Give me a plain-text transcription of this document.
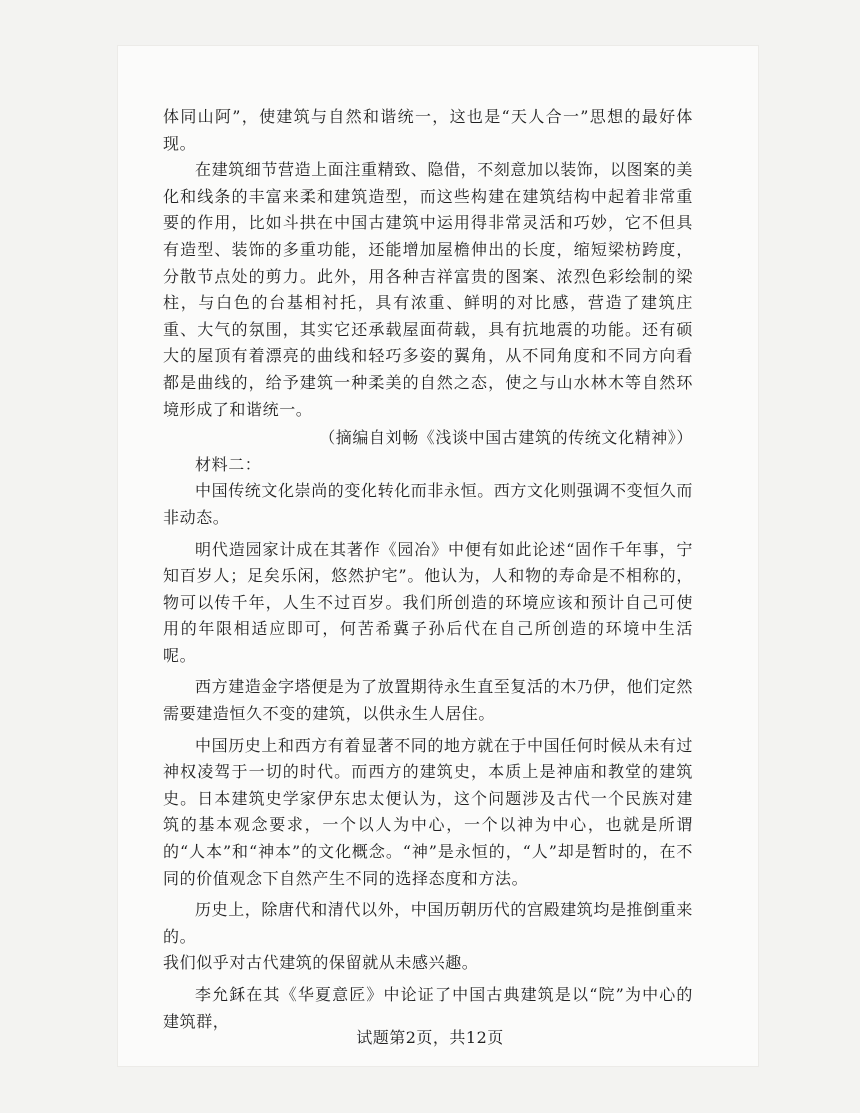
体同山阿”，使建筑与自然和谐统一，这也是“天人合一”思想的最好体现。

在建筑细节营造上面注重精致、隐借，不刻意加以装饰，以图案的美化和线条的丰富来柔和建筑造型，而这些构建在建筑结构中起着非常重要的作用，比如斗拱在中国古建筑中运用得非常灵活和巧妙，它不但具有造型、装饰的多重功能，还能增加屋檐伸出的长度，缩短梁枋跨度，分散节点处的剪力。此外，用各种吉祥富贵的图案、浓烈色彩绘制的梁柱，与白色的台基相衬托，具有浓重、鲜明的对比感，营造了建筑庄重、大气的氛围，其实它还承载屋面荷载，具有抗地震的功能。还有硕大的屋顶有着漂亮的曲线和轻巧多姿的翼角，从不同角度和不同方向看都是曲线的，给予建筑一种柔美的自然之态，使之与山水林木等自然环境形成了和谐统一。

（摘编自刘畅《浅谈中国古建筑的传统文化精神》）

材料二：

中国传统文化崇尚的变化转化而非永恒。西方文化则强调不变恒久而非动态。

明代造园家计成在其著作《园冶》中便有如此论述“固作千年事，宁知百岁人；足矣乐闲，悠然护宅”。他认为，人和物的寿命是不相称的，物可以传千年，人生不过百岁。我们所创造的环境应该和预计自己可使用的年限相适应即可，何苦希冀子孙后代在自己所创造的环境中生活呢。

西方建造金字塔便是为了放置期待永生直至复活的木乃伊，他们定然需要建造恒久不变的建筑，以供永生人居住。

中国历史上和西方有着显著不同的地方就在于中国任何时候从未有过神权凌驾于一切的时代。而西方的建筑史，本质上是神庙和教堂的建筑史。日本建筑史学家伊东忠太便认为，这个问题涉及古代一个民族对建筑的基本观念要求，一个以人为中心，一个以神为中心，也就是所谓的“人本”和“神本”的文化概念。“神”是永恒的，“人”却是暂时的，在不同的价值观念下自然产生不同的选择态度和方法。

历史上，除唐代和清代以外，中国历朝历代的宫殿建筑均是推倒重来的。

我们似乎对古代建筑的保留就从未感兴趣。

李允鉌在其《华夏意匠》中论证了中国古典建筑是以“院”为中心的建筑群，

试题第2页，共12页
